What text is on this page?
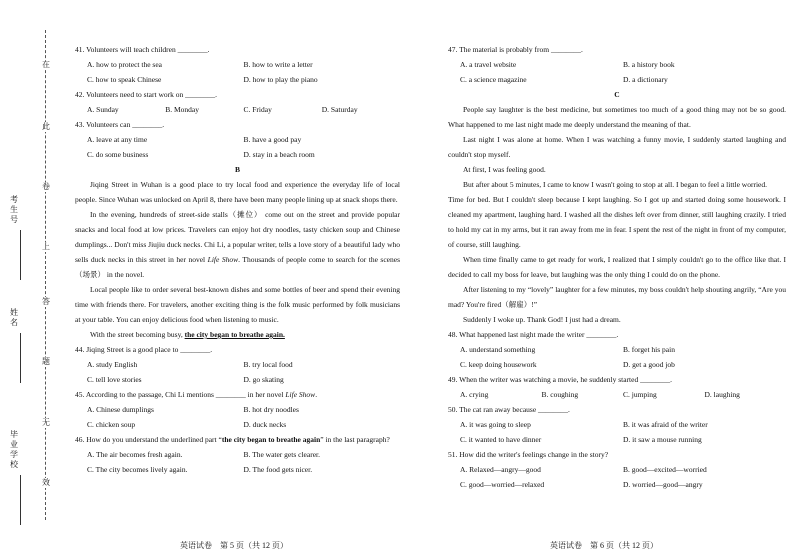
在
此
卷
上
答
题
无
效
考生号
姓名
毕业学校

41. Volunteers will teach children ________.

A. how to protect the sea	B. how to write a letter
C. how to speak Chinese	D. how to play the piano

42. Volunteers need to start work on ________.

A. Sunday	B. Monday	C. Friday	D. Saturday

43. Volunteers can ________.

A. leave at any time	B. have a good pay
C. do some business	D. stay in a beach room

B

Jiqing Street in Wuhan is a good place to try local food and experience the everyday life of local people. Since Wuhan was unlocked on April 8, there have been many people lining up at snack shops there.

In the evening, hundreds of street-side stalls（摊位） come out on the street and provide popular snacks and local food at low prices. Travelers can enjoy hot dry noodles, tasty chicken soup and Chinese dumplings... Don't miss Jiujiu duck necks. Chi Li, a popular writer, tells a love story of a beautiful lady who sells duck necks in this street in her novel Life Show. Thousands of people come to search for the scenes（场景） in the novel.

Local people like to order several best-known dishes and some bottles of beer and spend their evening time with friends there. For travelers, another exciting thing is the folk music performed by folk musicians at your table. You can enjoy delicious food when listening to music.

With the street becoming busy, the city began to breathe again.

44. Jiqing Street is a good place to ________.

A. study English	B. try local food
C. tell love stories	D. go skating

45. According to the passage, Chi Li mentions ________ in her novel Life Show.

A. Chinese dumplings	B. hot dry noodles
C. chicken soup	D. duck necks

46. How do you understand the underlined part “the city began to breathe again” in the last paragraph?

A. The air becomes fresh again.	B. The water gets clearer.
C. The city becomes lively again.	D. The food gets nicer.
英语试卷　第 5 页（共 12 页）

47. The material is probably from ________.

A. a travel website	B. a history book
C. a science magazine	D. a dictionary

C

People say laughter is the best medicine, but sometimes too much of a good thing may not be so good. What happened to me last night made me deeply understand the meaning of that.

Last night I was alone at home. When I was watching a funny movie, I suddenly started laughing and couldn't stop myself.

At first, I was feeling good.

But after about 5 minutes, I came to know I wasn't going to stop at all. I began to feel a little worried.

Time for bed. But I couldn't sleep because I kept laughing. So I got up and started doing some housework. I cleaned my apartment, laughing hard. I washed all the dishes left over from dinner, still laughing crazily. I tried to hold my cat in my arms, but it ran away from me in fear. I spent the rest of the night in front of my computer, of course, still laughing.

When time finally came to get ready for work, I realized that I simply couldn't go to the office like that. I decided to call my boss for leave, but laughing was the only thing I could do on the phone.

After listening to my “lovely” laughter for a few minutes, my boss couldn't help shouting angrily, “Are you mad? You're fired（解雇）!”

Suddenly I woke up. Thank God! I just had a dream.

48. What happened last night made the writer ________.

A. understand something	B. forget his pain
C. keep doing housework	D. get a good job

49. When the writer was watching a movie, he suddenly started ________.

A. crying	B. coughing	C. jumping	D. laughing

50. The cat ran away because ________.

A. it was going to sleep	B. it was afraid of the writer
C. it wanted to have dinner	D. it saw a mouse running

51. How did the writer's feelings change in the story?

A. Relaxed—angry—good	B. good—excited—worried
C. good—worried—relaxed	D. worried—good—angry
英语试卷　第 6 页（共 12 页）
